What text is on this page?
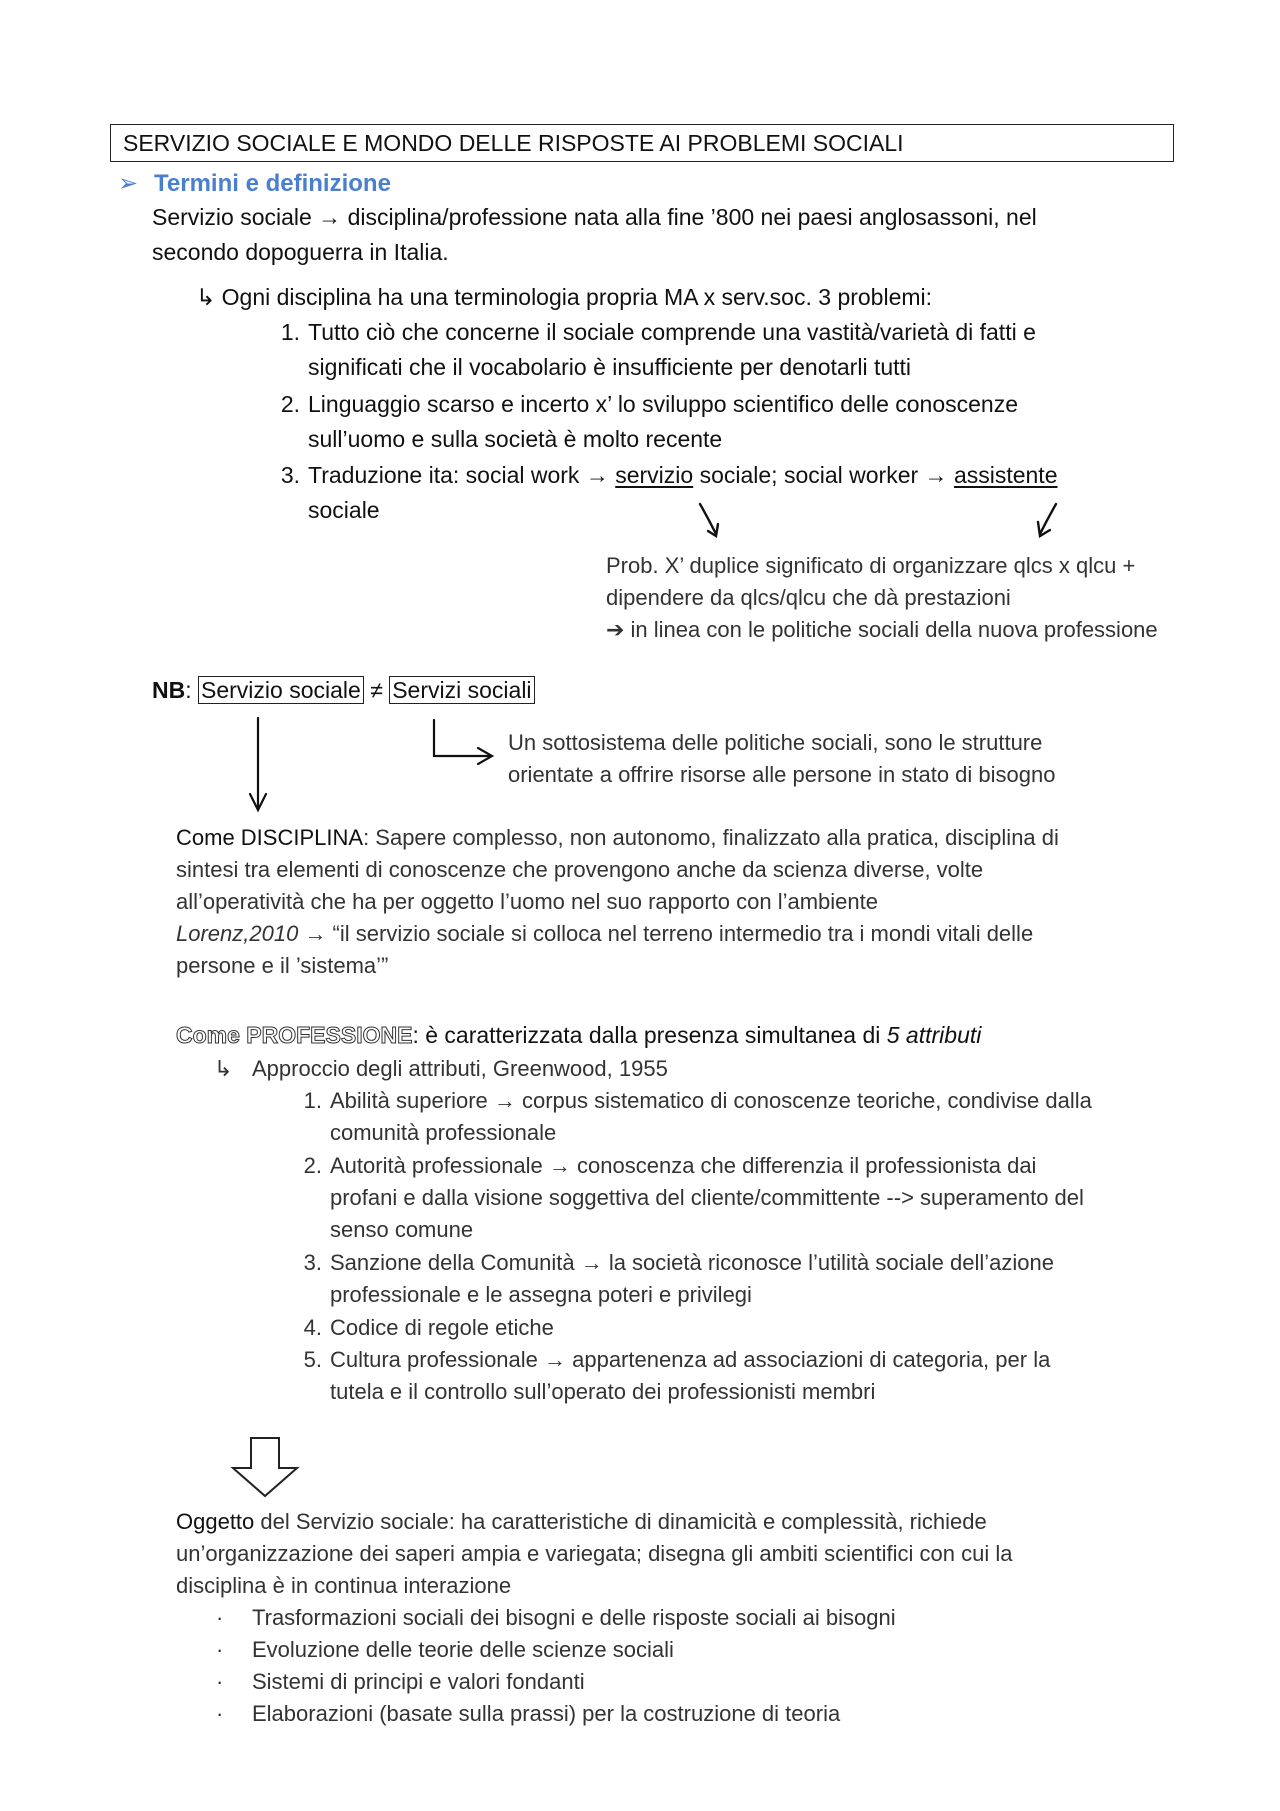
SERVIZIO SOCIALE E MONDO DELLE RISPOSTE AI PROBLEMI SOCIALI
➢ Termini e definizione
Servizio sociale → disciplina/professione nata alla fine ’800 nei paesi anglosassoni, nel
secondo dopoguerra in Italia.
↳ Ogni disciplina ha una terminologia propria MA x serv.soc. 3 problemi:
1. Tutto ciò che concerne il sociale comprende una vastità/varietà di fatti e
significati che il vocabolario è insufficiente per denotarli tutti
2. Linguaggio scarso e incerto x’ lo sviluppo scientifico delle conoscenze
sull’uomo e sulla società è molto recente
3. Traduzione ita: social work → servizio sociale; social worker → assistente
sociale
Prob. X’ duplice significato di organizzare qlcs x qlcu +
dipendere da qlcs/qlcu che dà prestazioni
➔ in linea con le politiche sociali della nuova professione
NB: Servizio sociale ≠ Servizi sociali
Un sottosistema delle politiche sociali, sono le strutture
orientate a offrire risorse alle persone in stato di bisogno
Come DISCIPLINA: Sapere complesso, non autonomo, finalizzato alla pratica, disciplina di
sintesi tra elementi di conoscenze che provengono anche da scienza diverse, volte
all’operatività che ha per oggetto l’uomo nel suo rapporto con l’ambiente
Lorenz,2010 → “il servizio sociale si colloca nel terreno intermedio tra i mondi vitali delle
persone e il ’sistema’”
Come PROFESSIONE: è caratterizzata dalla presenza simultanea di 5 attributi
↳ Approccio degli attributi, Greenwood, 1955
1. Abilità superiore → corpus sistematico di conoscenze teoriche, condivise dalla
comunità professionale
2. Autorità professionale → conoscenza che differenzia il professionista dai
profani e dalla visione soggettiva del cliente/committente --> superamento del
senso comune
3. Sanzione della Comunità → la società riconosce l’utilità sociale dell’azione
professionale e le assegna poteri e privilegi
4. Codice di regole etiche
5. Cultura professionale → appartenenza ad associazioni di categoria, per la
tutela e il controllo sull’operato dei professionisti membri
Oggetto del Servizio sociale: ha caratteristiche di dinamicità e complessità, richiede
un’organizzazione dei saperi ampia e variegata; disegna gli ambiti scientifici con cui la
disciplina è in continua interazione
· Trasformazioni sociali dei bisogni e delle risposte sociali ai bisogni
· Evoluzione delle teorie delle scienze sociali
· Sistemi di principi e valori fondanti
· Elaborazioni (basate sulla prassi) per la costruzione di teoria
